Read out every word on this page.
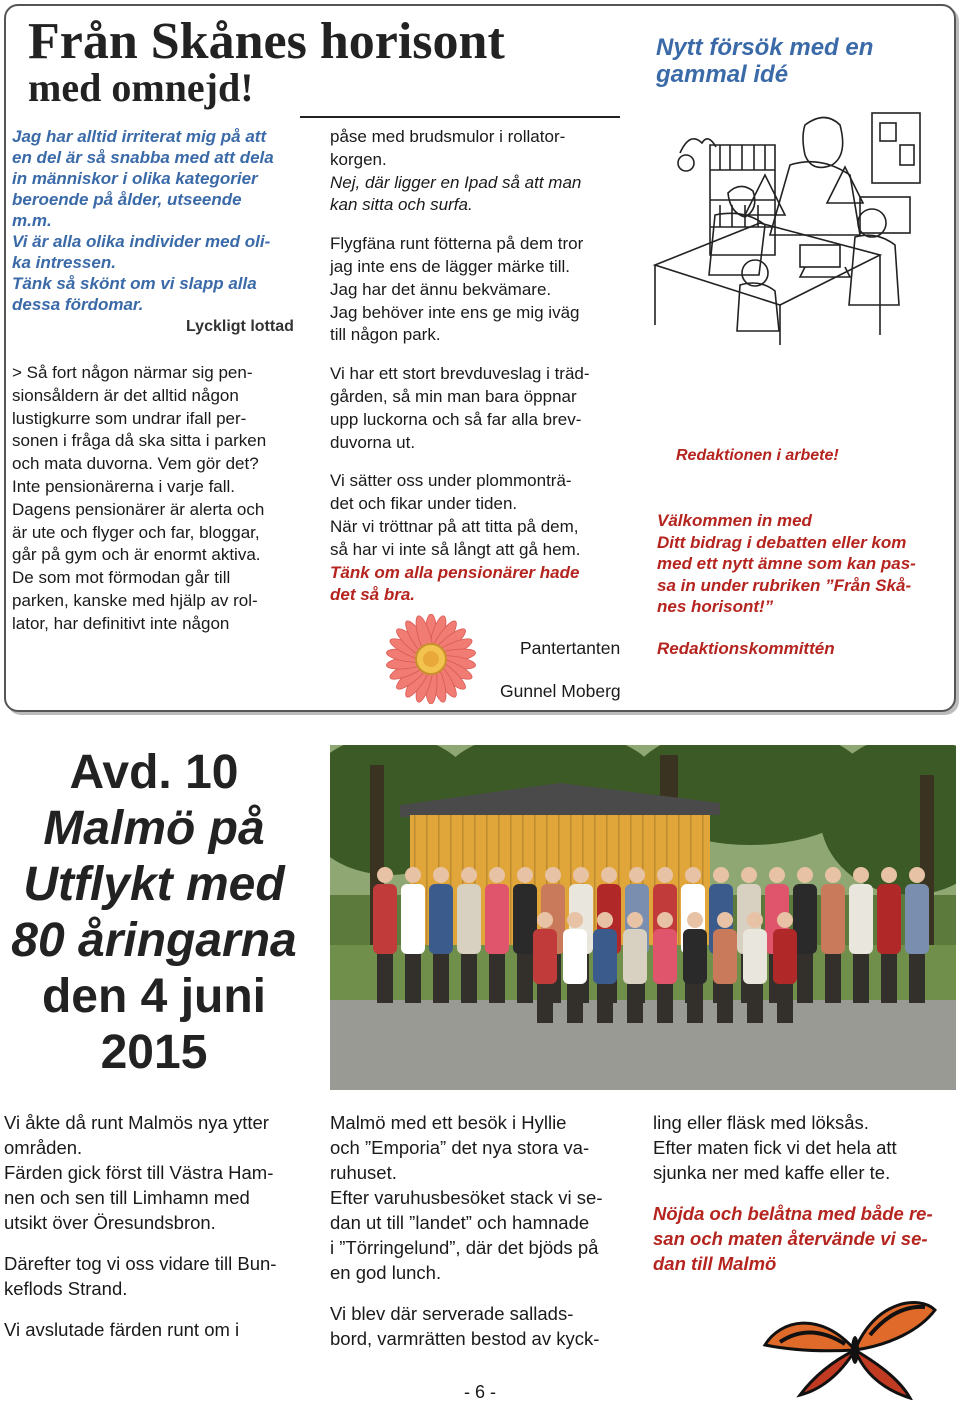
Från Skånes horisont
med omnejd!
Nytt försök med en gammal idé
Jag har alltid irriterat mig på att
en del är så snabba med att dela
in människor i olika kategorier
beroende på ålder, utseende
m.m.
Vi är alla olika individer med oli-
ka intressen.
Tänk så skönt om vi slapp alla
dessa fördomar.
Lyckligt lottad
> Så fort någon närmar sig pen-
sionsåldern är det alltid någon
lustigkurre som undrar ifall per-
sonen i fråga då ska sitta i parken
och mata duvorna. Vem gör det?
Inte pensionärerna i varje fall.
Dagens pensionärer är alerta och
är ute och flyger och far, bloggar,
går på gym och är enormt aktiva.
De som mot förmodan går till
parken, kanske med hjälp av rol-
lator, har definitivt inte någon
påse med brudsmulor i rollator-
korgen.
Nej, där ligger en Ipad så att man
kan sitta och surfa.
Flygfäna runt fötterna på dem tror
jag inte ens de lägger märke till.
Jag har det ännu bekvämare.
Jag behöver inte ens ge mig iväg
till någon park.
Vi har ett stort brevduveslag i träd-
gården, så min man bara öppnar
upp luckorna och så far alla brev-
duvorna ut.
Vi sätter oss under plommonträ-
det och fikar under tiden.
När vi tröttnar på att titta på dem,
så har vi inte så långt att gå hem.
Tänk om alla pensionärer hade
det så bra.
Pantertanten
Gunnel Moberg
Redaktionen i arbete!
Välkommen in med
Ditt bidrag i debatten eller kom
med ett nytt ämne som kan pas-
sa in under rubriken ”Från Skå-
nes horisont!”
Redaktionskommittén
Avd. 10
Malmö på
Utflykt med
80 åringarna
den 4 juni
2015
Vi åkte då runt Malmös nya ytter
områden.
Färden gick först till Västra Ham-
nen och sen till Limhamn med
utsikt över Öresundsbron.
Därefter tog vi oss vidare till Bun-
keflods Strand.
Vi avslutade färden runt om i
Malmö med ett besök i Hyllie
och ”Emporia” det nya stora va-
ruhuset.
Efter varuhusbesöket stack vi se-
dan ut till ”landet” och hamnade
i ”Törringelund”, där det bjöds på
en god lunch.
Vi blev där serverade sallads-
bord, varmrätten bestod av kyck-
ling eller fläsk med löksås.
Efter maten fick vi det hela att
sjunka ner med kaffe eller te.
Nöjda och belåtna med både re-
san och maten återvände vi se-
dan till Malmö
- 6 -
